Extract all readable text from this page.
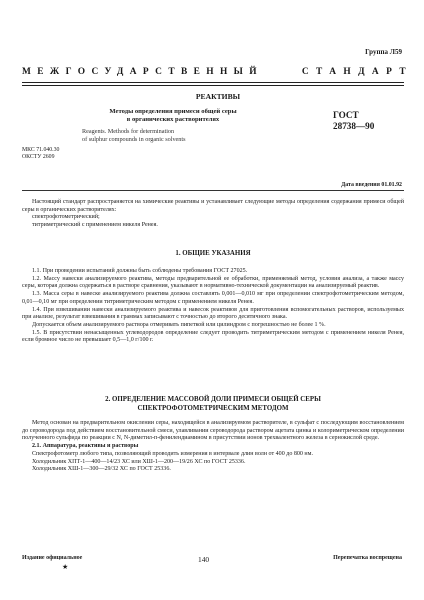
Группа Л59
МЕЖГОСУДАРСТВЕННЫЙ	СТАНДАРТ
РЕАКТИВЫ
Методы определения примеси общей серы
в органических растворителях	ГОСТ
28738—90
Reagents. Methods for determination
of sulphur compounds in organic solvents
МКС 71.040.30
ОКСТУ 2609
Дата введения 01.01.92

Настоящий стандарт распространяется на химические реактивы и устанавливает следующие методы определения содержания примеси общей серы в органических растворителях:

спектрофотометрический;

титриметрический с применением никеля Ренея.

1. ОБЩИЕ УКАЗАНИЯ

1.1. При проведении испытаний должны быть соблюдены требования ГОСТ 27025.

1.2. Массу навески анализируемого реактива, методы предварительной ее обработки, применяемый метод, условия анализа, а также массу серы, которая должна содержаться в растворе сравнения, указывают в нормативно-технической документации на анализируемый реактив.

1.3. Масса серы в навеске анализируемого реактива должна составлять 0,001—0,010 мг при определении спектрофотометрическим методом, 0,01—0,10 мг при определении титриметрическим методом с применением никеля Ренея.

1.4. При взвешивании навески анализируемого реактива и навесок реактивов для приготовления вспомогательных растворов, используемых при анализе, результат взвешивания в граммах записывают с точностью до второго десятичного знака.

Допускается объем анализируемого раствора отмеривать пипеткой или цилиндром с погрешностью не более 1 %.

1.5. В присутствии ненасыщенных углеводородов определение следует проводить титриметрическим методом с применением никеля Ренея, если бромное число не превышает 0,5—1,0 г/100 г.

2. ОПРЕДЕЛЕНИЕ МАССОВОЙ ДОЛИ ПРИМЕСИ ОБЩЕЙ СЕРЫ
СПЕКТРОФОТОМЕТРИЧЕСКИМ МЕТОДОМ

Метод основан на предварительном окислении серы, находящейся в анализируемом растворителе, в сульфат с последующим восстановлением до сероводорода под действием восстановительной смеси, улавливании сероводорода раствором ацетата цинка и колориметрическом определении полученного сульфида по реакции с N, N-диметил-п-фенилендиамином в присутствии ионов трехвалентного железа в сернокислой среде.

2.1. Аппаратура, реактивы и растворы

Спектрофотометр любого типа, позволяющий проводить измерения в интервале длин волн от 400 до 800 нм.

Холодильник ХПТ-1—400—14/23 ХС или ХШ-1—200—19/26 ХС по ГОСТ 25336.

Холодильник ХШ-1—300—29/32 ХС по ГОСТ 25336.

Издание официальное
★
140	Перепечатка воспрещена
